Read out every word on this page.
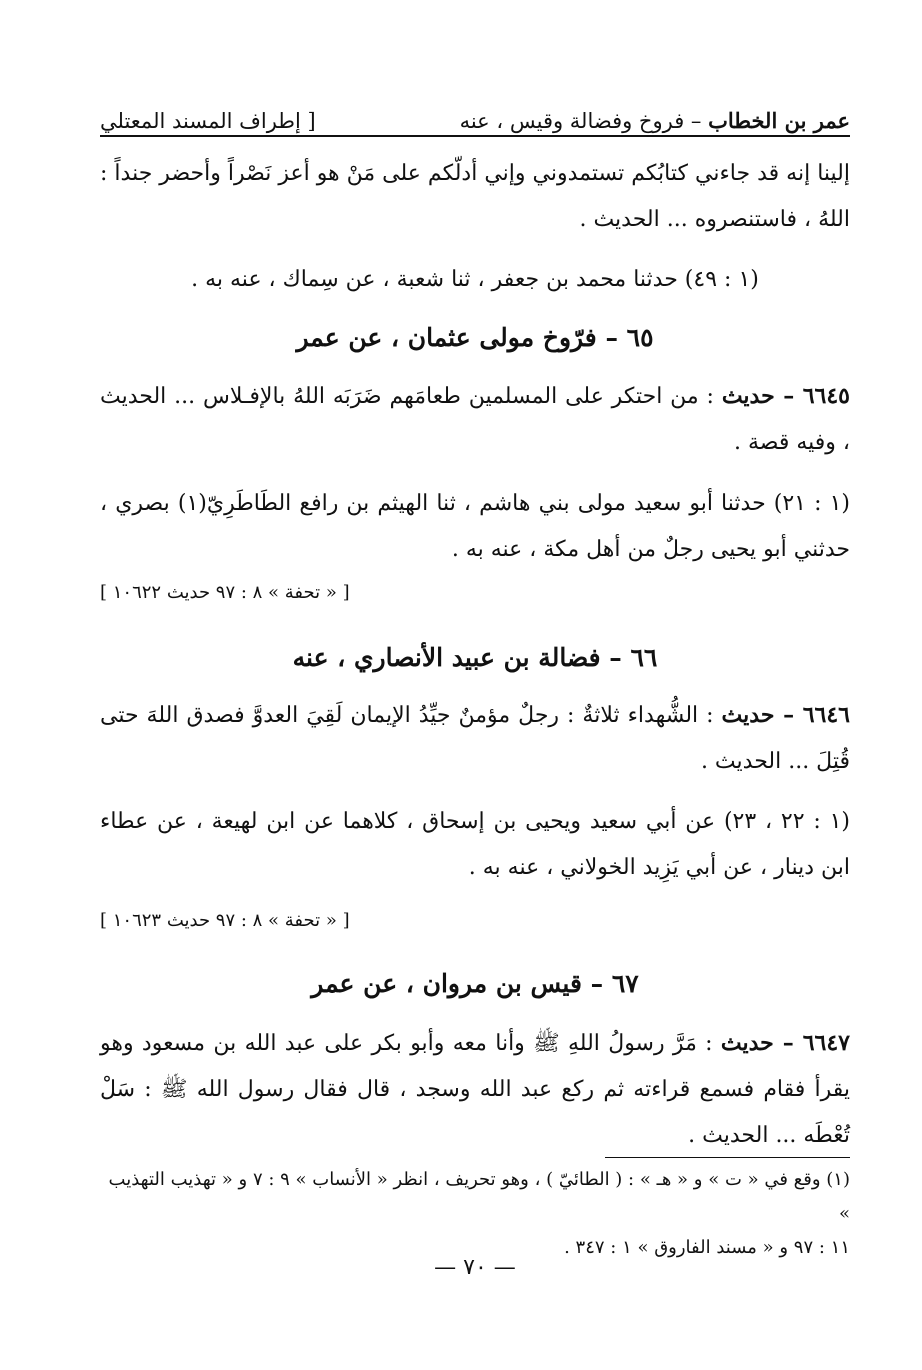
عمر بن الخطاب – فروخ وفضالة وقيس ، عنه
[ إطراف المسند المعتلي
إلينا إنه قد جاءني كتابُكم تستمدوني وإني أدلّكم على مَنْ هو أعز نَصْراً وأحضر جنداً : اللهُ ، فاستنصروه ... الحديث .
(١ : ٤٩) حدثنا محمد بن جعفر ، ثنا شعبة ، عن سِماك ، عنه به .
٦٥ – فرّوخ مولى عثمان ، عن عمر
٦٦٤٥ – حديث : من احتكر على المسلمين طعامَهم ضَرَبَه اللهُ بالإفـلاس ... الحديث ، وفيه قصة .
(١ : ٢١) حدثنا أبو سعيد مولى بني هاشم ، ثنا الهيثم بن رافع الطَاطَرِيّ(١) بصري ، حدثني أبو يحيى رجلٌ من أهل مكة ، عنه به .
[ « تحفة » ٨ : ٩٧ حديث ١٠٦٢٢ ]
٦٦ – فضالة بن عبيد الأنصاري ، عنه
٦٦٤٦ – حديث : الشُّهداء ثلاثةٌ : رجلٌ مؤمنٌ جيِّدُ الإيمان لَقِيَ العدوَّ فصدق اللهَ حتى قُتِلَ ... الحديث .
(١ : ٢٢ ، ٢٣) عن أبي سعيد ويحيى بن إسحاق ، كلاهما عن ابن لهيعة ، عن عطاء ابن دينار ، عن أبي يَزِيد الخولاني ، عنه به .
[ « تحفة » ٨ : ٩٧ حديث ١٠٦٢٣ ]
٦٧ – قيس بن مروان ، عن عمر
٦٦٤٧ – حديث : مَرَّ رسولُ اللهِ ﷺ وأنا معه وأبو بكر على عبد الله بن مسعود وهو يقرأ فقام فسمع قراءته ثم ركع عبد الله وسجد ، قال فقال رسول الله ﷺ : سَلْ تُعْطَه ... الحديث .
(١) وقع في « ت » و « هـ » : ( الطائيّ ) ، وهو تحريف ، انظر « الأنساب » ٩ : ٧ و « تهذيب التهذيب »
١١ : ٩٧ و « مسند الفاروق » ١ : ٣٤٧ .
— ٧٠ —
